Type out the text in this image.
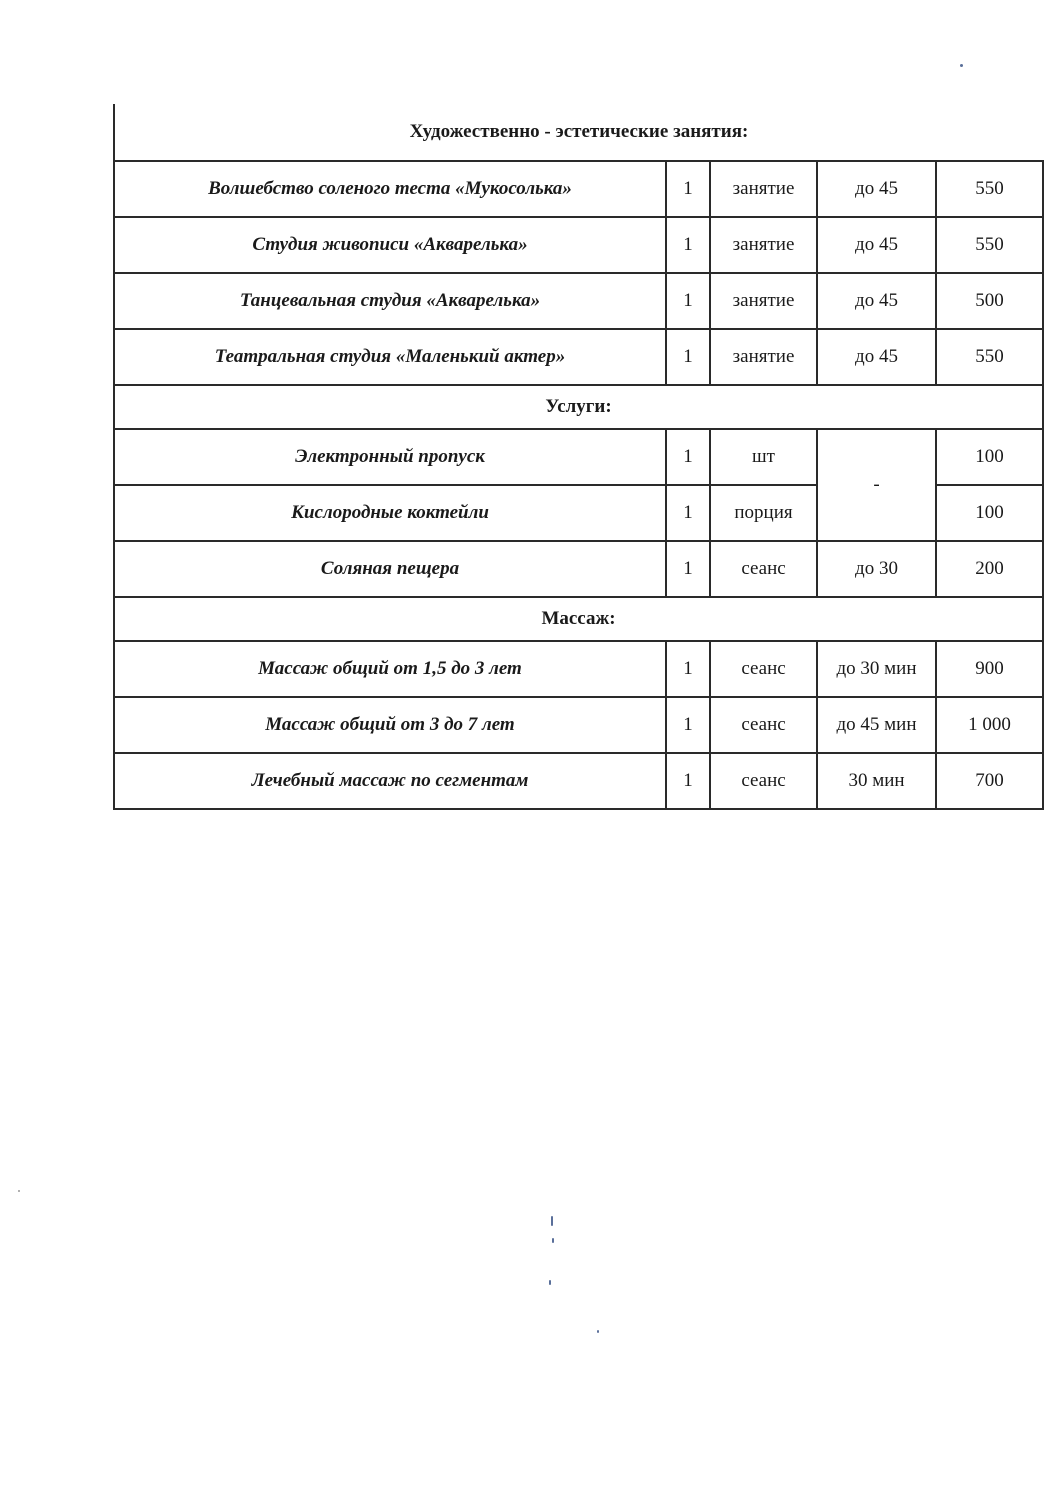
Художественно - эстетические занятия:				
Волшебство соленого теста «Мукосолька»	1	занятие	до 45	550
Студия живописи «Акварелька»	1	занятие	до 45	550
Танцевальная студия «Акварелька»	1	занятие	до 45	500
Театральная студия «Маленький актер»	1	занятие	до 45	550
Услуги:				
Электронный пропуск	1	шт	-	100
Кислородные коктейли	1	порция		100
Соляная пещера	1	сеанс	до 30	200
Массаж:				
Массаж общий от 1,5 до 3 лет	1	сеанс	до 30 мин	900
Массаж общий от 3 до 7 лет	1	сеанс	до 45 мин	1 000
Лечебный массаж по сегментам	1	сеанс	30 мин	700
